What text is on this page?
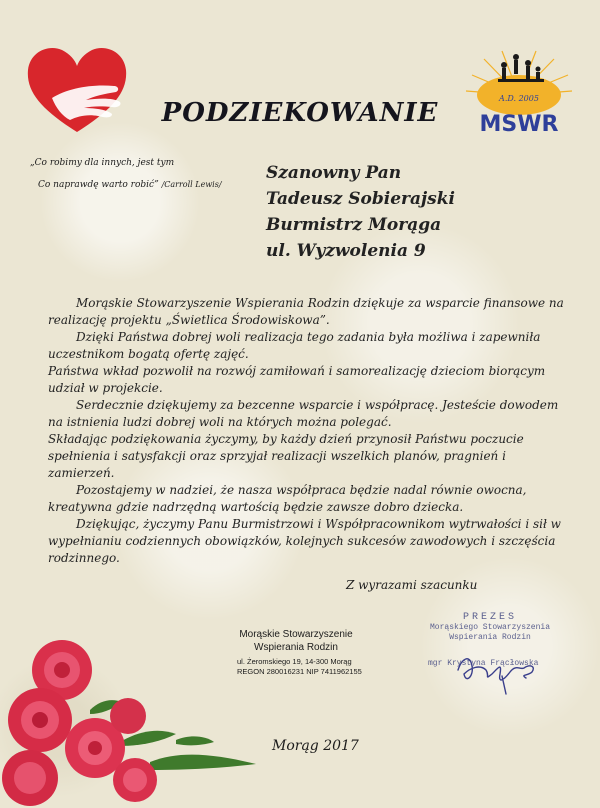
PODZIEKOWANIE
„Co robimy dla innych, jest tym
Co naprawdę warto robić” /Carroll Lewis/
A.D. 2005
MSWR
Szanowny Pan
Tadeusz Sobierajski
Burmistrz Morąga
ul. Wyzwolenia 9

Morąskie Stowarzyszenie Wspierania Rodzin dziękuje za wsparcie finansowe na realizację projektu „Świetlica Środowiskowa”.

Dzięki Państwa dobrej woli realizacja tego zadania była możliwa i zapewniła uczestnikom bogatą ofertę zajęć.

Państwa wkład pozwolił na rozwój zamiłowań i samorealizację dzieciom biorącym udział w projekcie.

Serdecznie dziękujemy za bezcenne wsparcie i współpracę. Jesteście dowodem na istnienia ludzi dobrej woli na których można polegać.

Składając podziękowania życzymy, by każdy dzień przynosił Państwu poczucie spełnienia i satysfakcji oraz sprzyjał realizacji wszelkich planów, pragnień i zamierzeń.

Pozostajemy w nadziei, że nasza współpraca będzie nadal równie owocna, kreatywna gdzie nadrzędną wartością będzie zawsze dobro dziecka.

Dziękując, życzymy Panu Burmistrzowi i Współpracownikom wytrwałości i sił w wypełnianiu codziennych obowiązków, kolejnych sukcesów zawodowych i szczęścia rodzinnego.

Z wyrazami szacunku
Morąskie Stowarzyszenie
Wspierania Rodzin
ul. Żeromskiego 19, 14-300 Morąg
REGON 280016231 NIP 7411962155
PREZES
Morąskiego Stowarzyszenia
Wspierania Rodzin
mgr Krystyna Frącłowska
Morąg 2017
